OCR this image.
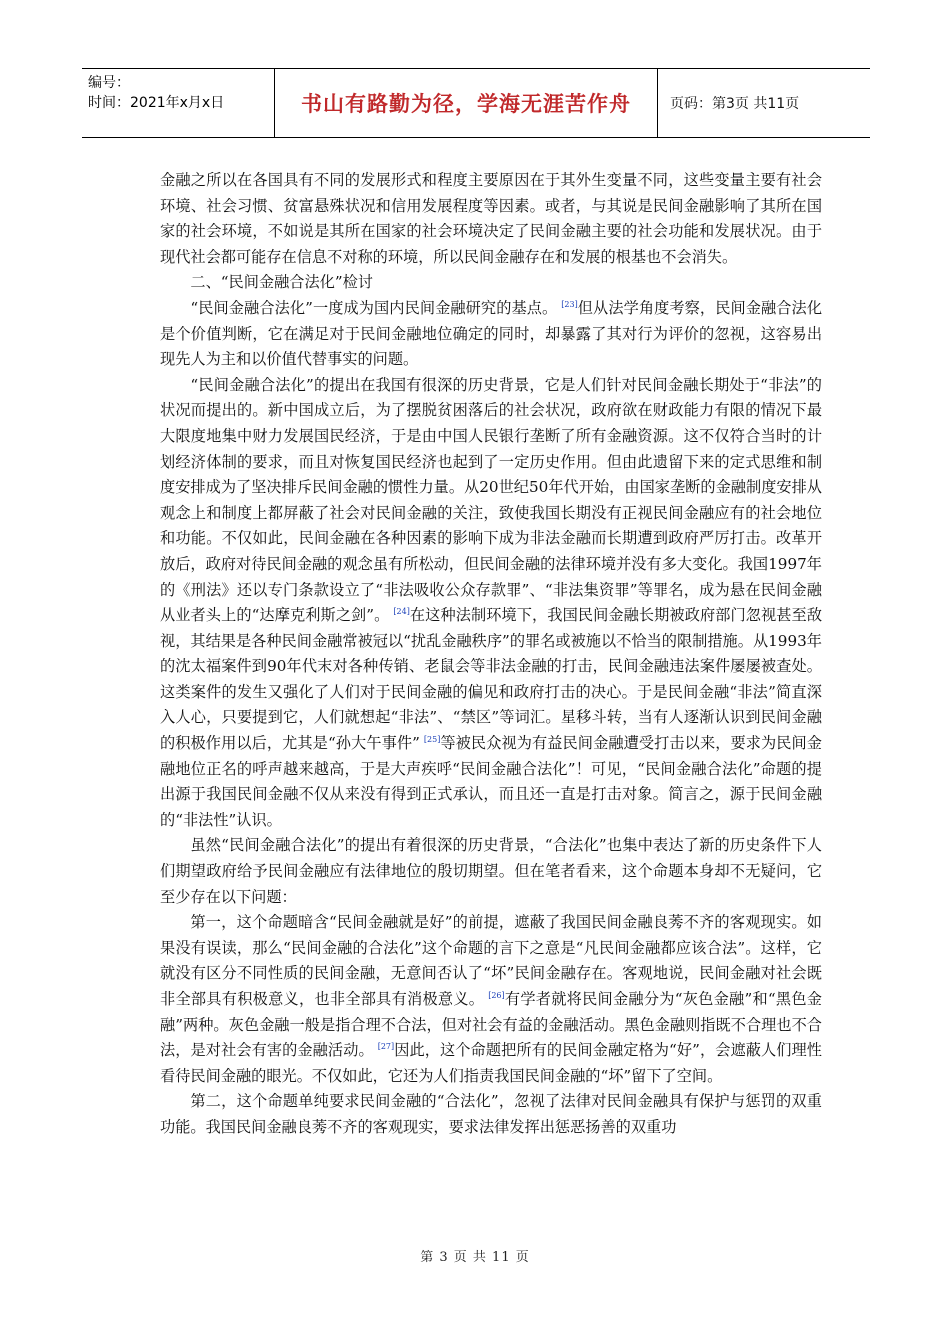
编号：
时间：2021年x月x日	书山有路勤为径，学海无涯苦作舟	页码：第3页 共11页

金融之所以在各国具有不同的发展形式和程度主要原因在于其外生变量不同，这些变量主要有社会环境、社会习惯、贫富悬殊状况和信用发展程度等因素。或者，与其说是民间金融影响了其所在国家的社会环境，不如说是其所在国家的社会环境决定了民间金融主要的社会功能和发展状况。由于现代社会都可能存在信息不对称的环境，所以民间金融存在和发展的根基也不会消失。

二、“民间金融合法化”检讨

“民间金融合法化”一度成为国内民间金融研究的基点。 [23]但从法学角度考察，民间金融合法化是个价值判断，它在满足对于民间金融地位确定的同时，却暴露了其对行为评价的忽视，这容易出现先人为主和以价值代替事实的问题。

“民间金融合法化”的提出在我国有很深的历史背景，它是人们针对民间金融长期处于“非法”的状况而提出的。新中国成立后，为了摆脱贫困落后的社会状况，政府欲在财政能力有限的情况下最大限度地集中财力发展国民经济，于是由中国人民银行垄断了所有金融资源。这不仅符合当时的计划经济体制的要求，而且对恢复国民经济也起到了一定历史作用。但由此遗留下来的定式思维和制度安排成为了坚决排斥民间金融的惯性力量。从20世纪50年代开始，由国家垄断的金融制度安排从观念上和制度上都屏蔽了社会对民间金融的关注，致使我国长期没有正视民间金融应有的社会地位和功能。不仅如此，民间金融在各种因素的影响下成为非法金融而长期遭到政府严厉打击。改革开放后，政府对待民间金融的观念虽有所松动，但民间金融的法律环境并没有多大变化。我国1997年的《刑法》还以专门条款设立了“非法吸收公众存款罪”、“非法集资罪”等罪名，成为悬在民间金融从业者头上的“达摩克利斯之剑”。 [24]在这种法制环境下，我国民间金融长期被政府部门忽视甚至敌视，其结果是各种民间金融常被冠以“扰乱金融秩序”的罪名或被施以不恰当的限制措施。从1993年的沈太福案件到90年代末对各种传销、老鼠会等非法金融的打击，民间金融违法案件屡屡被查处。这类案件的发生又强化了人们对于民间金融的偏见和政府打击的决心。于是民间金融“非法”简直深入人心，只要提到它，人们就想起“非法”、“禁区”等词汇。星移斗转，当有人逐渐认识到民间金融的积极作用以后，尤其是“孙大午事件” [25]等被民众视为有益民间金融遭受打击以来，要求为民间金融地位正名的呼声越来越高，于是大声疾呼“民间金融合法化”！可见，“民间金融合法化”命题的提出源于我国民间金融不仅从来没有得到正式承认，而且还一直是打击对象。简言之，源于民间金融的“非法性”认识。

虽然“民间金融合法化”的提出有着很深的历史背景，“合法化”也集中表达了新的历史条件下人们期望政府给予民间金融应有法律地位的殷切期望。但在笔者看来，这个命题本身却不无疑问，它至少存在以下问题：

第一，这个命题暗含“民间金融就是好”的前提，遮蔽了我国民间金融良莠不齐的客观现实。如果没有误读，那么“民间金融的合法化”这个命题的言下之意是“凡民间金融都应该合法”。这样，它就没有区分不同性质的民间金融，无意间否认了“坏”民间金融存在。客观地说，民间金融对社会既非全部具有积极意义，也非全部具有消极意义。 [26]有学者就将民间金融分为“灰色金融”和“黑色金融”两种。灰色金融一般是指合理不合法，但对社会有益的金融活动。黑色金融则指既不合理也不合法，是对社会有害的金融活动。 [27]因此，这个命题把所有的民间金融定格为“好”，会遮蔽人们理性看待民间金融的眼光。不仅如此，它还为人们指责我国民间金融的“坏”留下了空间。

第二，这个命题单纯要求民间金融的“合法化”，忽视了法律对民间金融具有保护与惩罚的双重功能。我国民间金融良莠不齐的客观现实，要求法律发挥出惩恶扬善的双重功

第 3 页 共 11 页
